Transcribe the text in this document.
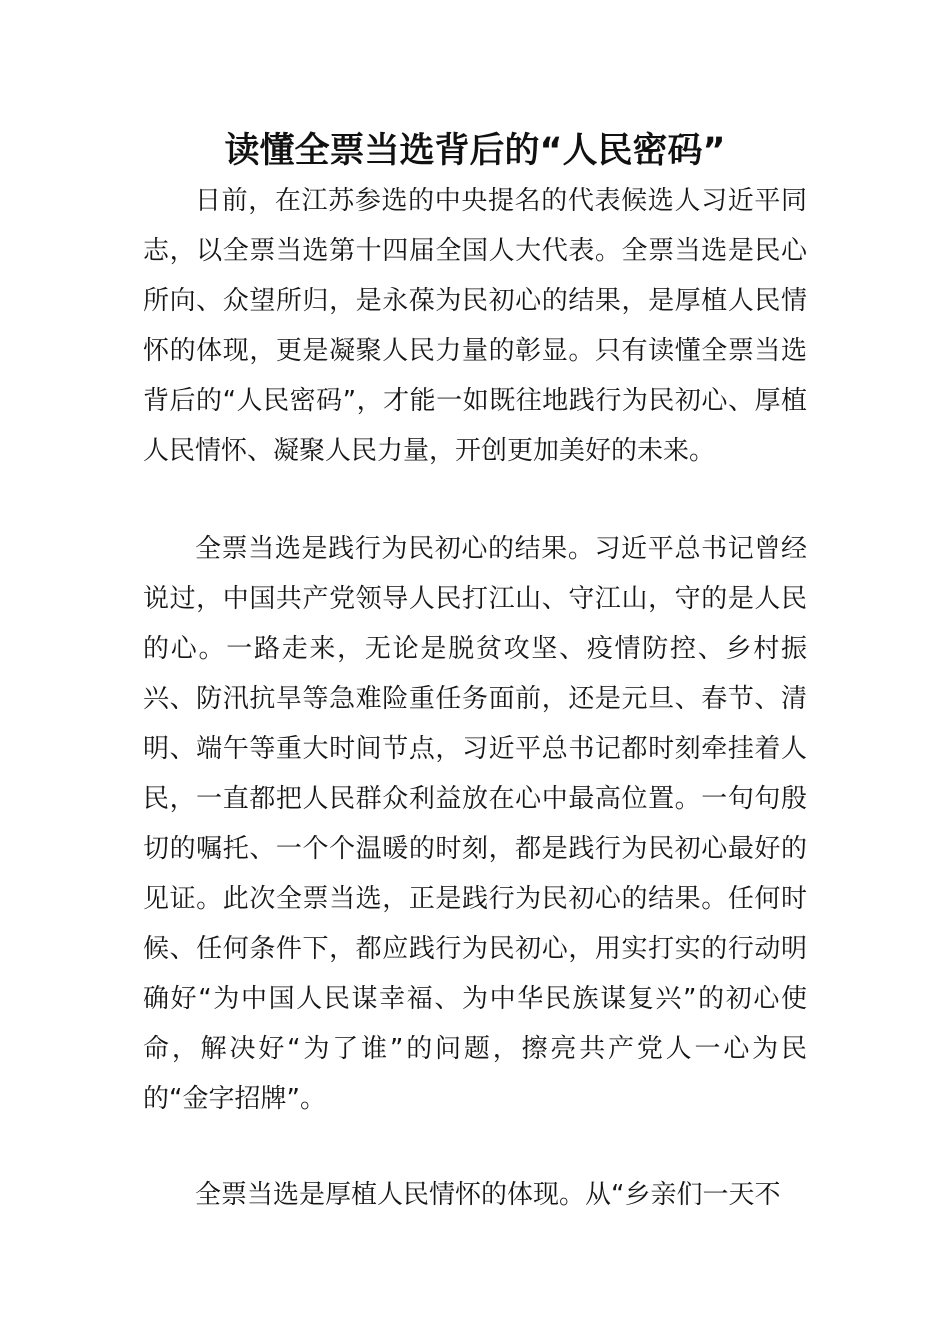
读懂全票当选背后的“人民密码”

日前，在江苏参选的中央提名的代表候选人习近平同志，以全票当选第十四届全国人大代表。全票当选是民心所向、众望所归，是永葆为民初心的结果，是厚植人民情怀的体现，更是凝聚人民力量的彰显。只有读懂全票当选背后的“人民密码”，才能一如既往地践行为民初心、厚植人民情怀、凝聚人民力量，开创更加美好的未来。

全票当选是践行为民初心的结果。习近平总书记曾经说过，中国共产党领导人民打江山、守江山，守的是人民的心。一路走来，无论是脱贫攻坚、疫情防控、乡村振兴、防汛抗旱等急难险重任务面前，还是元旦、春节、清明、端午等重大时间节点，习近平总书记都时刻牵挂着人民，一直都把人民群众利益放在心中最高位置。一句句殷切的嘱托、一个个温暖的时刻，都是践行为民初心最好的见证。此次全票当选，正是践行为民初心的结果。任何时候、任何条件下，都应践行为民初心，用实打实的行动明确好“为中国人民谋幸福、为中华民族谋复兴”的初心使命，解决好“为了谁”的问题，擦亮共产党人一心为民的“金字招牌”。

全票当选是厚植人民情怀的体现。从“乡亲们一天不
